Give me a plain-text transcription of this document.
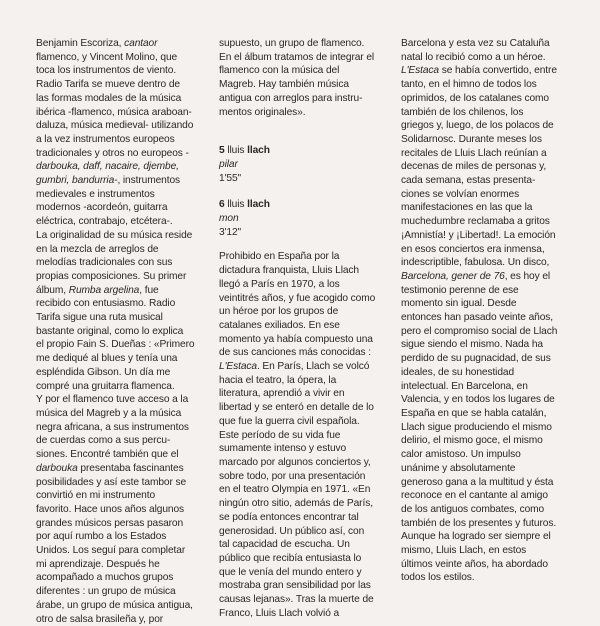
Benjamin Escoriza, cantaor
flamenco, y Vincent Molino, que
toca los instrumentos de viento.
Radio Tarifa se mueve dentro de
las formas modales de la música
ibérica -flamenco, música araboan-
daluza, música medieval- utilizando
a la vez instrumentos europeos
tradicionales y otros no europeos -
darbouka, daff, nacaire, djembe,
gumbri, bandurria-, instrumentos
medievales e instrumentos
modernos -acordeón, guitarra
eléctrica, contrabajo, etcétera-.
La originalidad de su música reside
en la mezcla de arreglos de
melodías tradicionales con sus
propias composiciones. Su primer
álbum, Rumba argelina, fue
recibido con entusiasmo. Radio
Tarifa sigue una ruta musical
bastante original, como lo explica
el propio Fain S. Dueñas : «Primero
me dediqué al blues y tenía una
espléndida Gibson. Un día me
compré una gruitarra flamenca.
Y por el flamenco tuve acceso a la
música del Magreb y a la música
negra africana, a sus instrumentos
de cuerdas como a sus percu-
siones. Encontré también que el
darbouka presentaba fascinantes
posibilidades y así este tambor se
convirtió en mi instrumento
favorito. Hace unos años algunos
grandes músicos persas pasaron
por aquí rumbo a los Estados
Unidos. Los seguí para completar
mi aprendizaje. Después he
acompañado a muchos grupos
diferentes : un grupo de música
árabe, un grupo de música antigua,
otro de salsa brasileña y, por
supuesto, un grupo de flamenco.
En el álbum tratamos de integrar el
flamenco con la música del
Magreb. Hay también música
antigua con arreglos para instru-
mentos originales».
5 lluis llach
pilar
1'55"
6 lluis llach
mon
3'12"
Prohibido en España por la
dictadura franquista, Lluis Llach
llegó a París en 1970, a los
veintitrés años, y fue acogido como
un héroe por los grupos de
catalanes exiliados. En ese
momento ya había compuesto una
de sus canciones más conocidas :
L'Estaca. En París, Llach se volcó
hacia el teatro, la ópera, la
literatura, aprendió a vivir en
libertad y se enteró en detalle de lo
que fue la guerra civil española.
Este período de su vida fue
sumamente intenso y estuvo
marcado por algunos conciertos y,
sobre todo, por una presentación
en el teatro Olympia en 1971. «En
ningún otro sitio, además de París,
se podía entonces encontrar tal
generosidad. Un público así, con
tal capacidad de escucha. Un
público que recibía entusiasta lo
que le venía del mundo entero y
mostraba gran sensibilidad por las
causas lejanas». Tras la muerte de
Franco, Lluis Llach volvió a
Barcelona y esta vez su Cataluña
natal lo recibió como a un héroe.
L'Estaca se había convertido, entre
tanto, en el himno de todos los
oprimidos, de los catalanes como
también de los chilenos, los
griegos y, luego, de los polacos de
Solidarnosc. Durante meses los
recitales de Lluis Llach reúnían a
decenas de miles de personas y,
cada semana, estas presenta-
ciones se volvían enormes
manifestaciones en las que la
muchedumbre reclamaba a gritos
¡Amnistía! y ¡Libertad!. La emoción
en esos conciertos era inmensa,
indescriptible, fabulosa. Un disco,
Barcelona, gener de 76, es hoy el
testimonio perenne de ese
momento sin igual. Desde
entonces han pasado veinte años,
pero el compromiso social de Llach
sigue siendo el mismo. Nada ha
perdido de su pugnacidad, de sus
ideales, de su honestidad
intelectual. En Barcelona, en
Valencia, y en todos los lugares de
España en que se habla catalán,
Llach sigue produciendo el mismo
delirio, el mismo goce, el mismo
calor amistoso. Un impulso
unánime y absolutamente
generoso gana a la multitud y ésta
reconoce en el cantante al amigo
de los antiguos combates, como
también de los presentes y futuros.
Aunque ha logrado ser siempre el
mismo, Lluis Llach, en estos
últimos veinte años, ha abordado
todos los estilos.
